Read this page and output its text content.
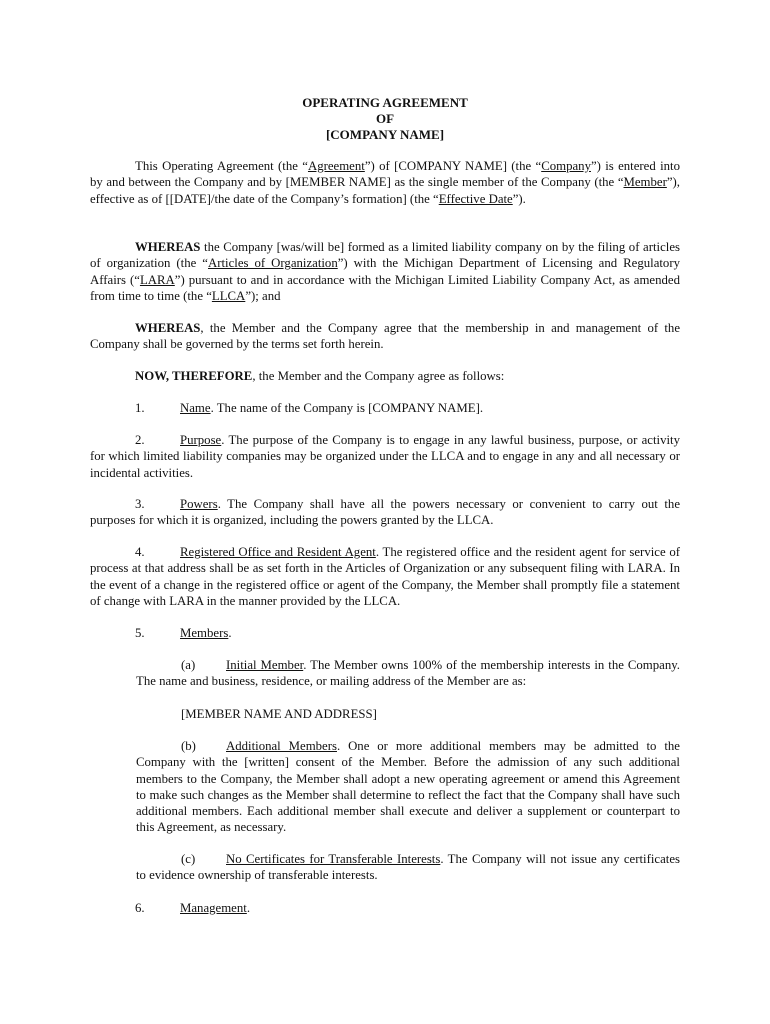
OPERATING AGREEMENT
OF
[COMPANY NAME]

This Operating Agreement (the “Agreement”) of [COMPANY NAME] (the “Company”) is entered into by and between the Company and by [MEMBER NAME] as the single member of the Company (the “Member”), effective as of [[DATE]/the date of the Company’s formation] (the “Effective Date”).

WHEREAS the Company [was/will be] formed as a limited liability company on by the filing of articles of organization (the “Articles of Organization”) with the Michigan Department of Licensing and Regulatory Affairs (“LARA”) pursuant to and in accordance with the Michigan Limited Liability Company Act, as amended from time to time (the “LLCA”); and

WHEREAS, the Member and the Company agree that the membership in and management of the Company shall be governed by the terms set forth herein.

NOW, THEREFORE, the Member and the Company agree as follows:

1.	Name. The name of the Company is [COMPANY NAME].

2.	Purpose. The purpose of the Company is to engage in any lawful business, purpose, or activity for which limited liability companies may be organized under the LLCA and to engage in any and all necessary or incidental activities.

3.	Powers. The Company shall have all the powers necessary or convenient to carry out the purposes for which it is organized, including the powers granted by the LLCA.

4.	Registered Office and Resident Agent. The registered office and the resident agent for service of process at that address shall be as set forth in the Articles of Organization or any subsequent filing with LARA. In the event of a change in the registered office or agent of the Company, the Member shall promptly file a statement of change with LARA in the manner provided by the LLCA.

5.	Members.

(a) Initial Member. The Member owns 100% of the membership interests in the Company. The name and business, residence, or mailing address of the Member are as:

[MEMBER NAME AND ADDRESS]

(b) Additional Members. One or more additional members may be admitted to the Company with the [written] consent of the Member. Before the admission of any such additional members to the Company, the Member shall adopt a new operating agreement or amend this Agreement to make such changes as the Member shall determine to reflect the fact that the Company shall have such additional members. Each additional member shall execute and deliver a supplement or counterpart to this Agreement, as necessary.

(c) No Certificates for Transferable Interests. The Company will not issue any certificates to evidence ownership of transferable interests.

6.	Management.
